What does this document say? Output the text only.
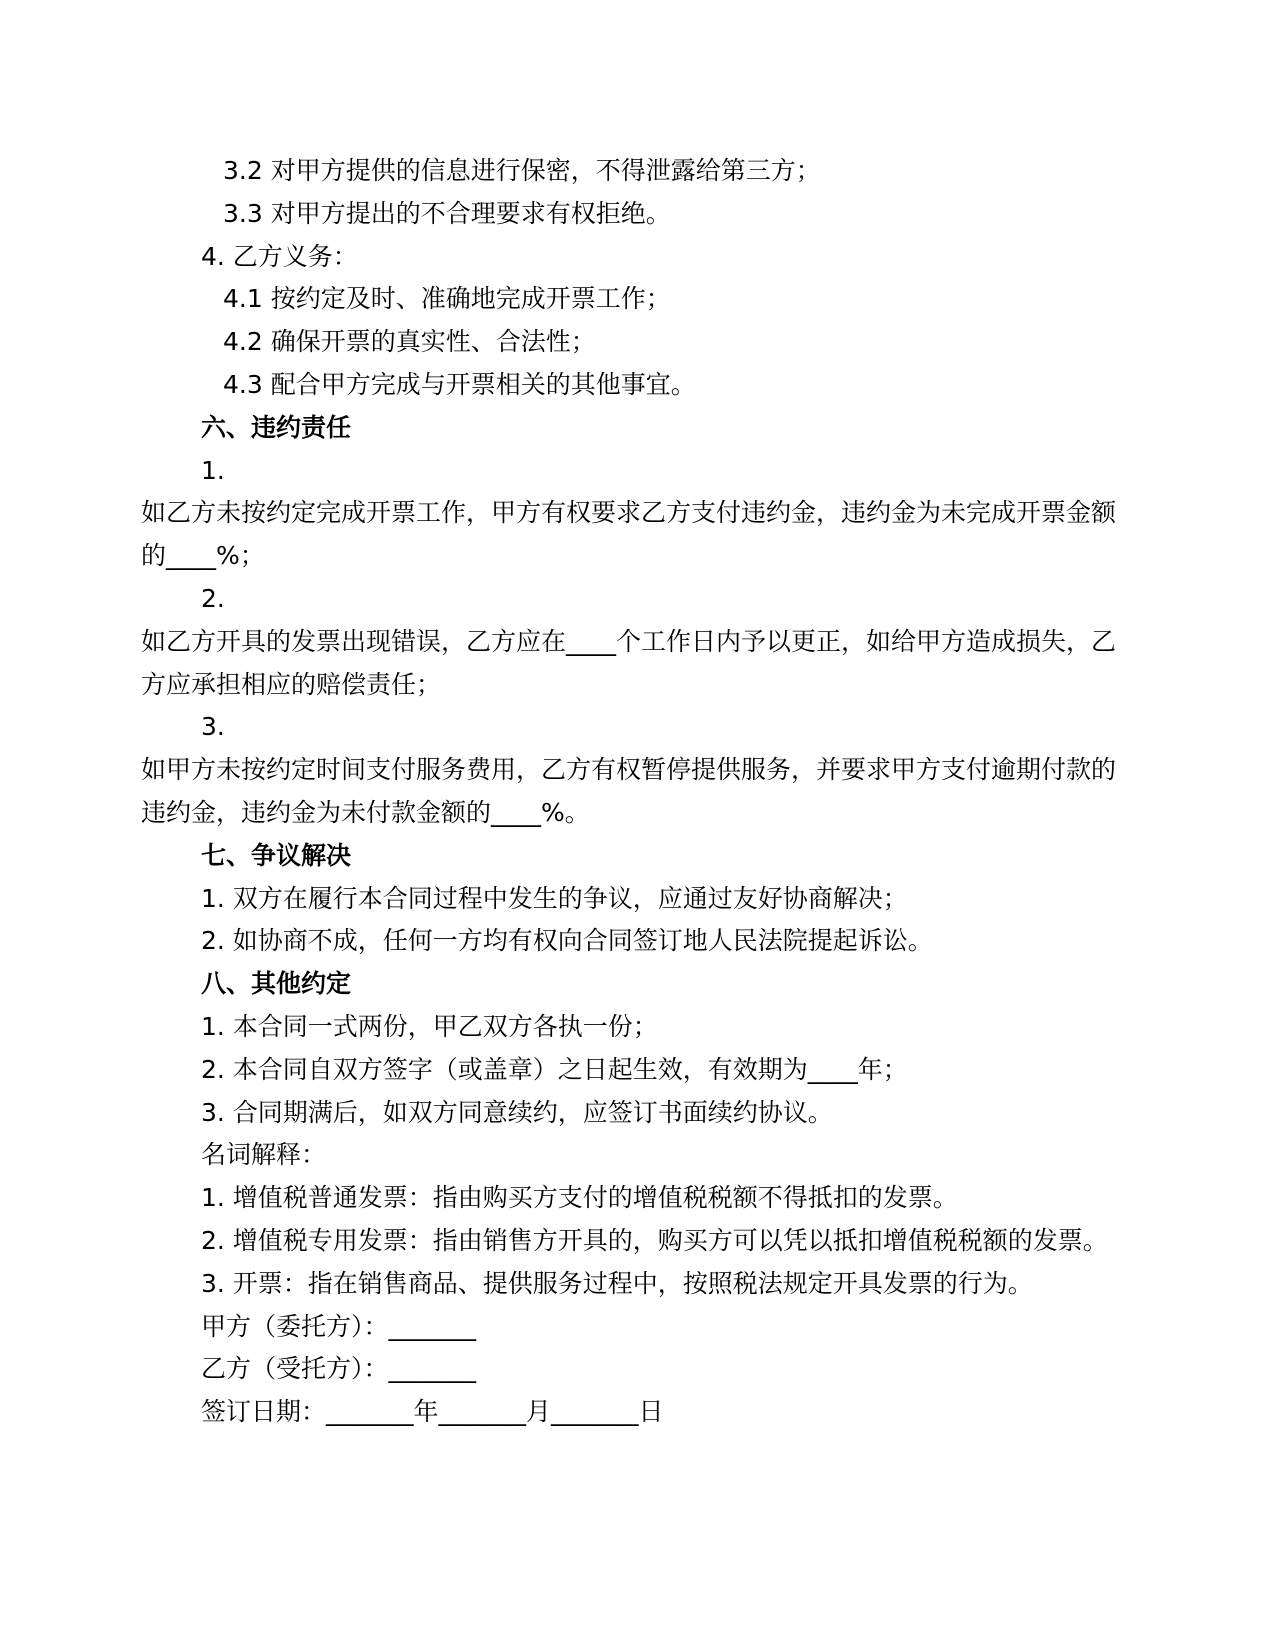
3.2 对甲方提供的信息进行保密，不得泄露给第三方；
3.3 对甲方提出的不合理要求有权拒绝。
4. 乙方义务：
4.1 按约定及时、准确地完成开票工作；
4.2 确保开票的真实性、合法性；
4.3 配合甲方完成与开票相关的其他事宜。
六、违约责任
1.
如乙方未按约定完成开票工作，甲方有权要求乙方支付违约金，违约金为未完成开票金额
的____%；
2.
如乙方开具的发票出现错误，乙方应在____个工作日内予以更正，如给甲方造成损失，乙
方应承担相应的赔偿责任；
3.
如甲方未按约定时间支付服务费用，乙方有权暂停提供服务，并要求甲方支付逾期付款的
违约金，违约金为未付款金额的____%。
七、争议解决
1. 双方在履行本合同过程中发生的争议，应通过友好协商解决；
2. 如协商不成，任何一方均有权向合同签订地人民法院提起诉讼。
八、其他约定
1. 本合同一式两份，甲乙双方各执一份；
2. 本合同自双方签字（或盖章）之日起生效，有效期为____年；
3. 合同期满后，如双方同意续约，应签订书面续约协议。
名词解释：
1. 增值税普通发票：指由购买方支付的增值税税额不得抵扣的发票。
2. 增值税专用发票：指由销售方开具的，购买方可以凭以抵扣增值税税额的发票。
3. 开票：指在销售商品、提供服务过程中，按照税法规定开具发票的行为。
甲方（委托方）：_______
乙方（受托方）：_______
签订日期：_______年_______月_______日
